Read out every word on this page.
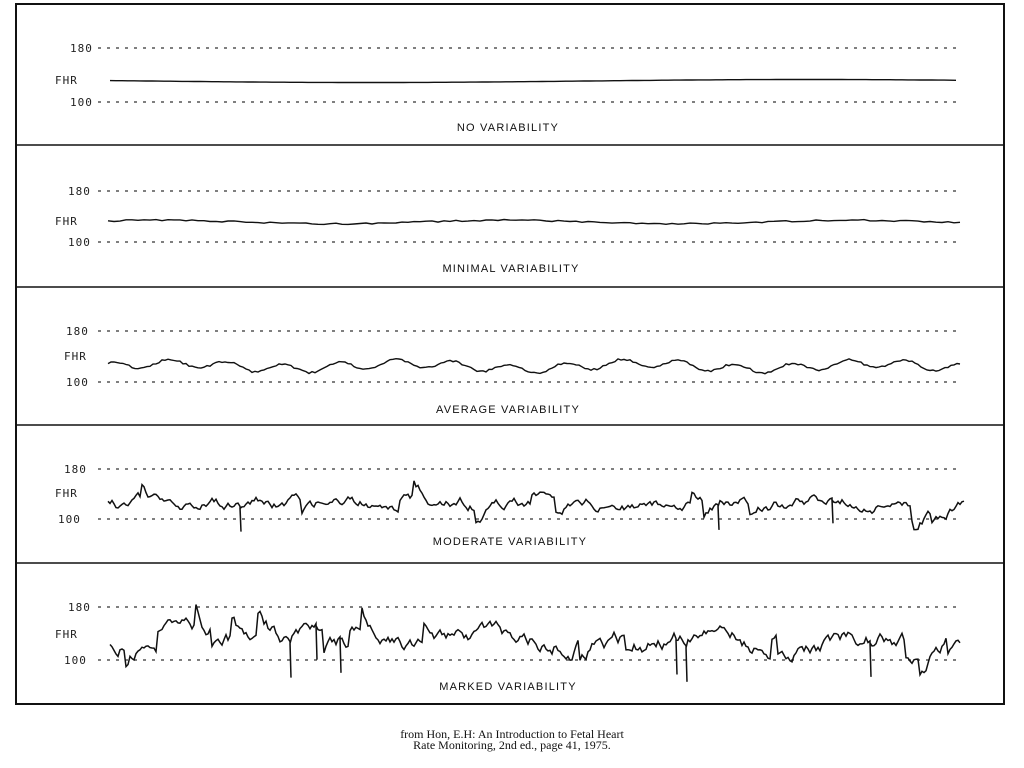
180
FHR
100
NO VARIABILITY
180
FHR
100
MINIMAL VARIABILITY
180
FHR
100
AVERAGE VARIABILITY
180
FHR
100
MODERATE VARIABILITY
180
FHR
100
MARKED VARIABILITY
from Hon, E.H: An Introduction to Fetal Heart
Rate Monitoring, 2nd ed., page 41, 1975.
